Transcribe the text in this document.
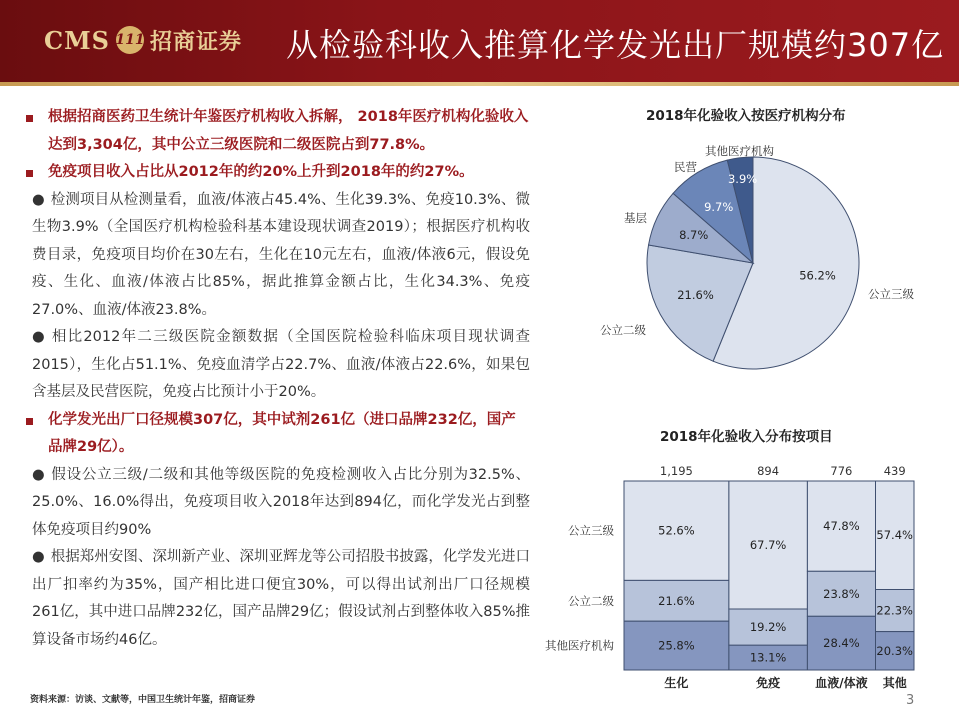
CMS 111 招商证券 从检验科收入推算化学发光出厂规模约307亿
根据招商医药卫生统计年鉴医疗机构收入拆解， 2018年医疗机构化验收入达到3,304亿，其中公立三级医院和二级医院占到77.8%。
免疫项目收入占比从2012年的约20%上升到2018年的约27%。
● 检测项目从检测量看，血液/体液占45.4%、生化39.3%、免疫10.3%、微生物3.9%（全国医疗机构检验科基本建设现状调查2019）；根据医疗机构收费目录，免疫项目均价在30左右，生化在10元左右，血液/体液6元，假设免疫、生化、血液/体液占比85%，据此推算金额占比，生化34.3%、免疫27.0%、血液/体液23.8%。
● 相比2012年二三级医院金额数据（全国医院检验科临床项目现状调查2015），生化占51.1%、免疫血清学占22.7%、血液/体液占22.6%，如果包含基层及民营医院，免疫占比预计小于20%。
化学发光出厂口径规模307亿，其中试剂261亿（进口品牌232亿，国产品牌29亿）。
● 假设公立三级/二级和其他等级医院的免疫检测收入占比分别为32.5%、25.0%、16.0%得出，免疫项目收入2018年达到894亿，而化学发光占到整体免疫项目约90%
● 根据郑州安图、深圳新产业、深圳亚辉龙等公司招股书披露，化学发光进口出厂扣率约为35%，国产相比进口便宜30%，可以得出试剂出厂口径规模261亿，其中进口品牌232亿，国产品牌29亿；假设试剂占到整体收入85%推算设备市场约46亿。
资料来源：访谈、文献等，中国卫生统计年鉴，招商证券	3
2018年化验收入按医疗机构分布
56.2%
公立三级
21.6%
公立二级
8.7%
基层
9.7%
民营
3.9%
其他医疗机构
2018年化验收入分布按项目
1,195
生化
52.6%
21.6%
25.8%
894
免疫
67.7%
19.2%
13.1%
776
血液/体液
47.8%
23.8%
28.4%
439
其他
57.4%
22.3%
20.3%
公立三级
公立二级
其他医疗机构
